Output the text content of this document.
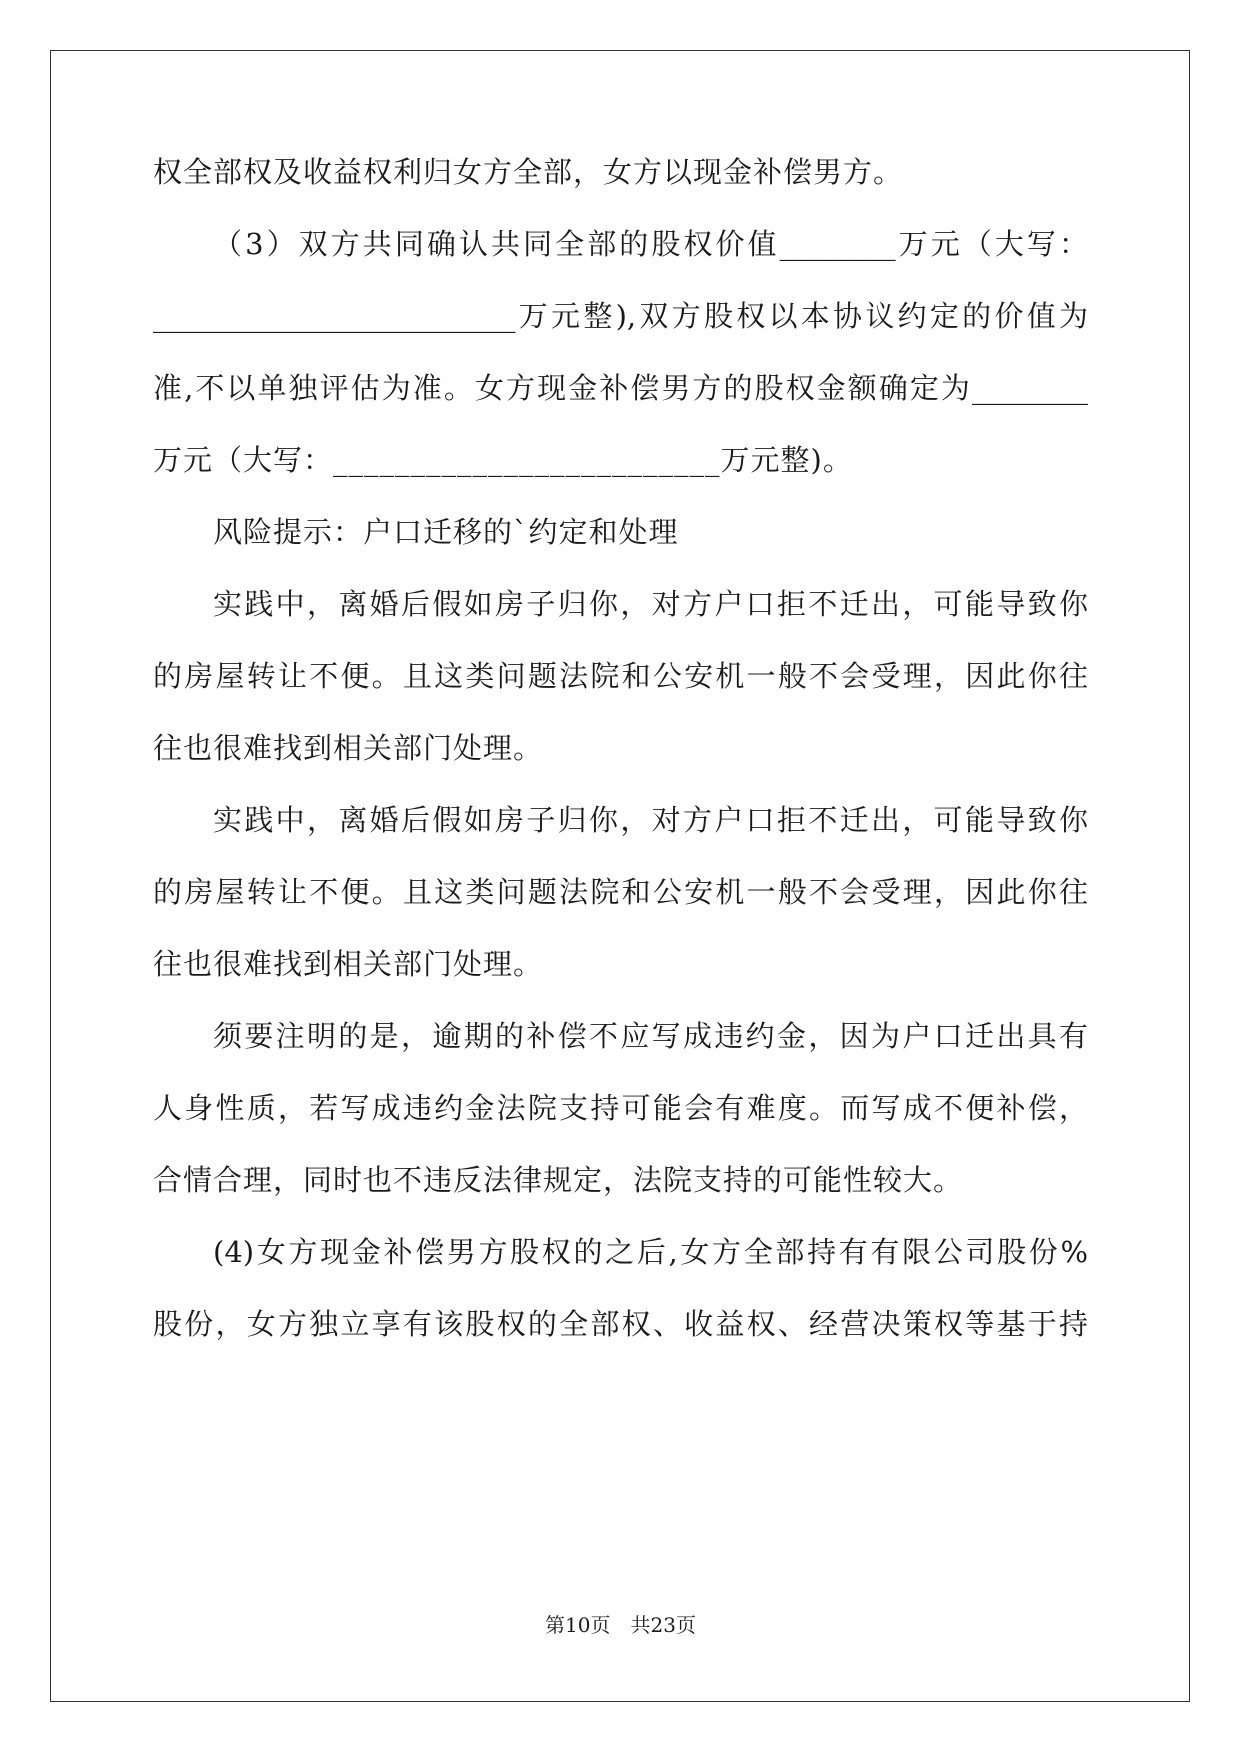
权全部权及收益权利归女方全部，女方以现金补偿男方。
（3）双方共同确认共同全部的股权价值________万元（大写：
_________________________万元整),双方股权以本协议约定的价值为
准,不以单独评估为准。女方现金补偿男方的股权金额确定为________
万元（大写：_________________________万元整)。
风险提示：户口迁移的`约定和处理
实践中，离婚后假如房子归你，对方户口拒不迁出，可能导致你
的房屋转让不便。且这类问题法院和公安机一般不会受理，因此你往
往也很难找到相关部门处理。
实践中，离婚后假如房子归你，对方户口拒不迁出，可能导致你
的房屋转让不便。且这类问题法院和公安机一般不会受理，因此你往
往也很难找到相关部门处理。
须要注明的是，逾期的补偿不应写成违约金，因为户口迁出具有
人身性质，若写成违约金法院支持可能会有难度。而写成不便补偿，
合情合理，同时也不违反法律规定，法院支持的可能性较大。
(4)女方现金补偿男方股权的之后,女方全部持有有限公司股份%
股份，女方独立享有该股权的全部权、收益权、经营决策权等基于持
第10页　共23页
